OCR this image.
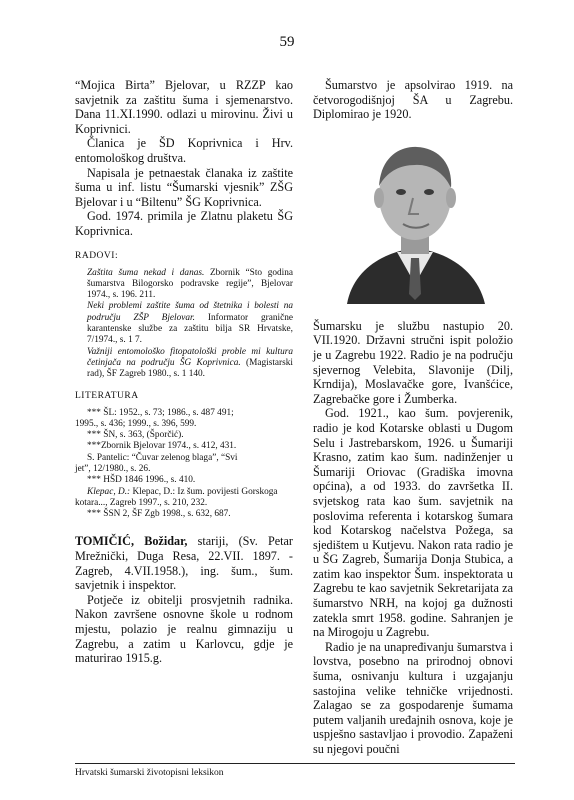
59

“Mojica Birta” Bjelovar, u RZZP kao savjetnik za zaštitu šuma i sjemenarstvo. Dana 11.XI.1990. odlazi u mirovinu. Živi u Koprivnici.

Članica je ŠD Koprivnica i Hrv. entomološkog društva.

Napisala je petnaestak članaka iz zaštite šuma u inf. listu “Šumarski vjesnik” ZŠG Bjelovar i u “Biltenu” ŠG Koprivnica.

God. 1974. primila je Zlatnu plaketu ŠG Koprivnica.

RADOVI:

Zaštita šuma nekad i danas. Zbornik “Sto godina šumarstva Bilogorsko podravske regije”, Bjelovar 1974., s. 196. 211.

Neki problemi zaštite šuma od štetnika i bolesti na području ZŠP Bjelovar. Informator graničnе karantenske službe za zaštitu bilja SR Hrvatske, 7/1974., s. 1 7.

Važniji entomološko fitopatološki proble mi kultura četinjača na području ŠG Koprivnica. (Magistarski rad), ŠF Zagreb 1980., s. 1 140.

LITERATURA

*** ŠL: 1952., s. 73; 1986., s. 487 491;

1995., s. 436; 1999., s. 396, 599.

*** ŠN, s. 363, (Šporčić).

***Zbornik Bjelovar 1974., s. 412, 431.

S. Pantelic: “Čuvar zelenog blaga”, “Svi

jet”, 12/1980., s. 26.

*** HŠD 1846 1996., s. 410.

Klepac, D.: Klepac, D.: Iz šum. povijesti Gorskoga

kotara..., Zagreb 1997., s. 210, 232.

*** ŠSN 2, ŠF Zgb 1998., s. 632, 687.

TOMIČIĆ, Božidar, stariji, (Sv. Petar Mrežnički, Duga Resa, 22.VII. 1897. -Zagreb, 4.VII.1958.), ing. šum., šum. savjetnik i inspektor.

Potječe iz obitelji prosvjetnih radnika. Nakon završene osnovne škole u rodnom mjestu, polazio je realnu gimnaziju u Zagrebu, a zatim u Karlovcu, gdje je maturirao 1915.g.

Šumarstvo je apsolvirao 1919. na četvorogodišnjoj ŠA u Zagrebu. Diplomirao je 1920.

Šumarsku je službu nastupio 20. VII.1920. Državni stručni ispit položio je u Zagrebu 1922. Radio je na području sjevernog Velebita, Slavonije (Dilj, Krndija), Moslavačke gore, Ivanšćice, Zagrebačke gore i Žumberka.

God. 1921., kao šum. povjerenik, radio je kod Kotarske oblasti u Dugom Selu i Jastrebarskom, 1926. u Šumariji Krasno, zatim kao šum. nadinženjer u Šumariji Oriovac (Gradiška imovna općina), a od 1933. do završetka II. svjetskog rata kao šum. savjetnik na poslovima referenta i kotarskog šumara kod Kotarskog načelstva Požega, sa sjedištem u Kutjevu. Nakon rata radio je u ŠG Zagreb, Šumarija Donja Stubica, a zatim kao inspektor Šum. inspektorata u Zagrebu te kao savjetnik Sekretarijata za šumarstvo NRH, na kojoj ga dužnosti zatekla smrt 1958. godine. Sahranjen je na Mirogoju u Zagrebu.

Radio je na unapređivanju šumarstva i lovstva, posebno na prirodnoj obnovi šuma, osnivanju kultura i uzgajanju sastojina velike tehničke vrijednosti. Zalagao se za gospodarenje šumama putem valjanih uređajnih osnova, koje je uspješno sastavljao i provodio. Zapaženi su njegovi poučni

Hrvatski šumarski životopisni leksikon
